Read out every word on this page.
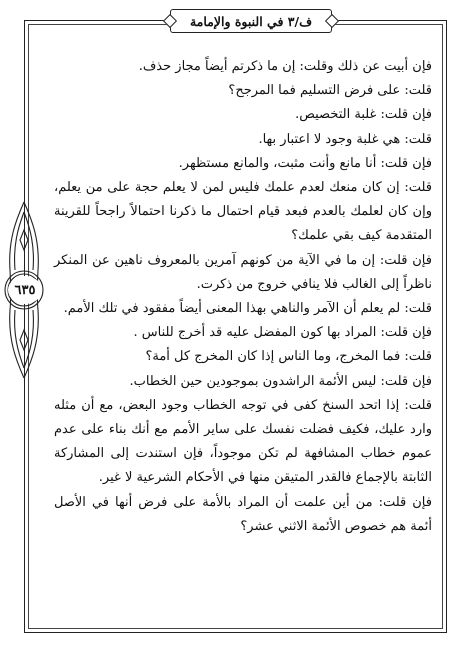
ف/٣ في النبوة والإمامة
٦٣٥

فإن أبيت عن ذلك وقلت: إن ما ذكرتم أيضاً مجاز حذف.

قلت: على فرض التسليم فما المرجح؟

فإن قلت: غلبة التخصيص.

قلت: هي غلبة وجود لا اعتبار بها.

فإن قلت: أنا مانع وأنت مثبت، والمانع مستظهر.

قلت: إن كان منعك لعدم علمك فليس لمن لا يعلم حجة على من يعلم، وإن كان لعلمك بالعدم فبعد قيام احتمال ما ذكرنا احتمالاً راجحاً للقرينة المتقدمة كيف بقي علمك؟

فإن قلت: إن ما في الآية من كونهم آمرين بالمعروف ناهين عن المنكر ناظراً إلى الغالب فلا ينافي خروج من ذكرت.

قلت: لم يعلم أن الآمر والناهي بهذا المعنى أيضاً مفقود في تلك الأمم.

فإن قلت: المراد بها كون المفضل عليه قد أخرج للناس .

قلت: فما المخرج، وما الناس إذا كان المخرج كل أمة؟

فإن قلت: ليس الأئمة الراشدون بموجودين حين الخطاب.

قلت: إذا اتحد السنخ كفى في توجه الخطاب وجود البعض، مع أن مثله وارد عليك، فكيف فضلت نفسك على ساير الأمم مع أنك بناء على عدم عموم خطاب المشافهة لم تكن موجوداً، فإن استندت إلى المشاركة الثابتة بالإجماع فالقدر المتيقن منها في الأحكام الشرعية لا غير.

فإن قلت: من أين علمت أن المراد بالأمة على فرض أنها في الأصل أئمة هم خصوص الأئمة الاثني عشر؟
